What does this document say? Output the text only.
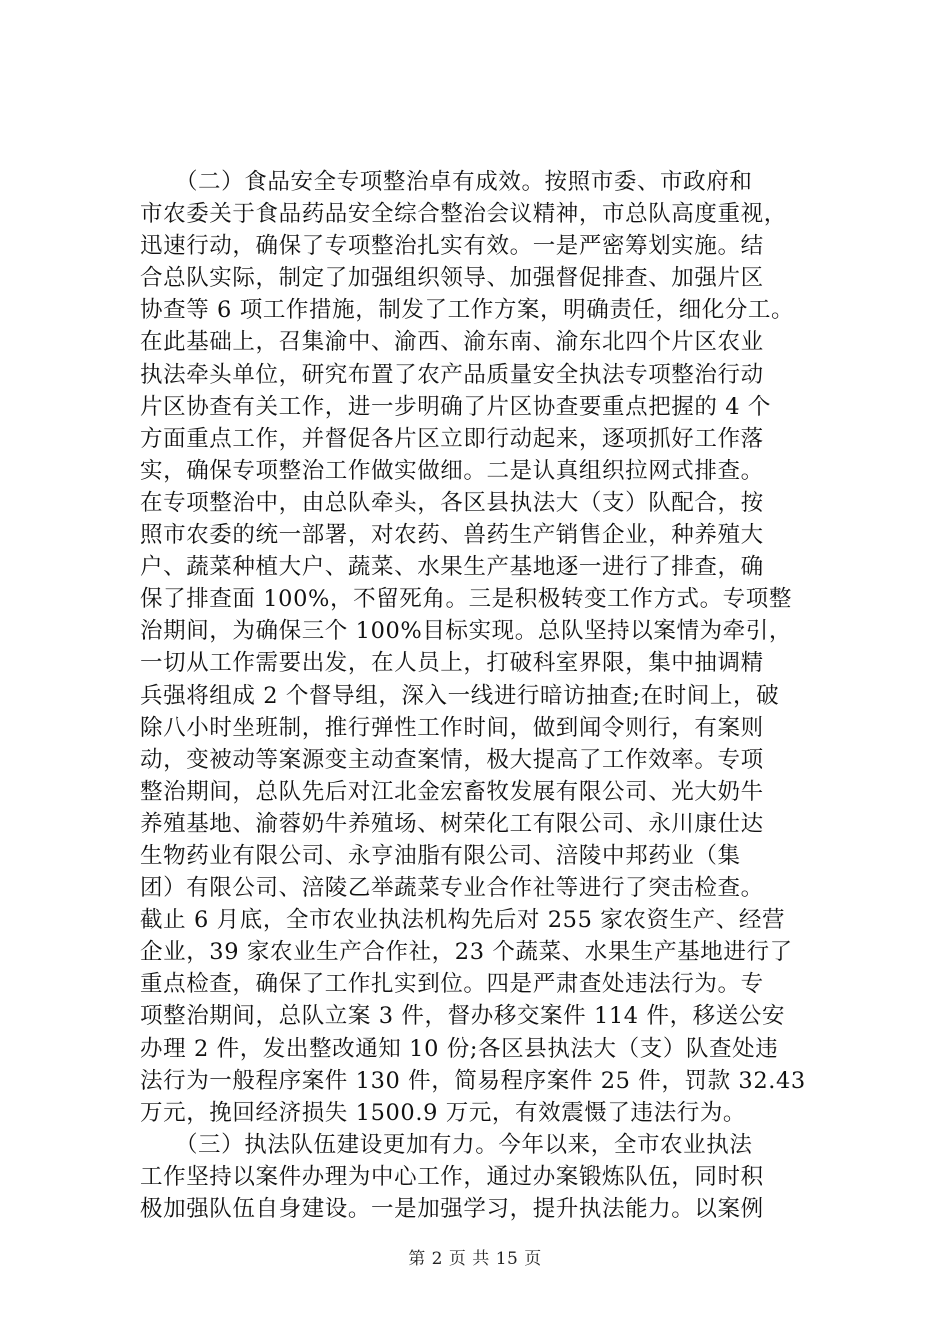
　　（二）食品安全专项整治卓有成效。按照市委、市政府和
市农委关于食品药品安全综合整治会议精神，市总队高度重视，
迅速行动，确保了专项整治扎实有效。一是严密筹划实施。结
合总队实际，制定了加强组织领导、加强督促排查、加强片区
协查等 6 项工作措施，制发了工作方案，明确责任，细化分工。
在此基础上，召集渝中、渝西、渝东南、渝东北四个片区农业
执法牵头单位，研究布置了农产品质量安全执法专项整治行动
片区协查有关工作，进一步明确了片区协查要重点把握的 4 个
方面重点工作，并督促各片区立即行动起来，逐项抓好工作落
实，确保专项整治工作做实做细。二是认真组织拉网式排查。
在专项整治中，由总队牵头，各区县执法大（支）队配合，按
照市农委的统一部署，对农药、兽药生产销售企业，种养殖大
户、蔬菜种植大户、蔬菜、水果生产基地逐一进行了排查，确
保了排查面 100%，不留死角。三是积极转变工作方式。专项整
治期间，为确保三个 100%目标实现。总队坚持以案情为牵引，
一切从工作需要出发，在人员上，打破科室界限，集中抽调精
兵强将组成 2 个督导组，深入一线进行暗访抽查;在时间上，破
除八小时坐班制，推行弹性工作时间，做到闻令则行，有案则
动，变被动等案源变主动查案情，极大提高了工作效率。专项
整治期间，总队先后对江北金宏畜牧发展有限公司、光大奶牛
养殖基地、渝蓉奶牛养殖场、树荣化工有限公司、永川康仕达
生物药业有限公司、永亨油脂有限公司、涪陵中邦药业（集
团）有限公司、涪陵乙举蔬菜专业合作社等进行了突击检查。
截止 6 月底，全市农业执法机构先后对 255 家农资生产、经营
企业，39 家农业生产合作社，23 个蔬菜、水果生产基地进行了
重点检查，确保了工作扎实到位。四是严肃查处违法行为。专
项整治期间，总队立案 3 件，督办移交案件 114 件，移送公安
办理 2 件，发出整改通知 10 份;各区县执法大（支）队查处违
法行为一般程序案件 130 件，简易程序案件 25 件，罚款 32.43
万元，挽回经济损失 1500.9 万元，有效震慑了违法行为。
　　（三）执法队伍建设更加有力。今年以来，全市农业执法
工作坚持以案件办理为中心工作，通过办案锻炼队伍，同时积
极加强队伍自身建设。一是加强学习，提升执法能力。以案例
第 2 页 共 15 页
